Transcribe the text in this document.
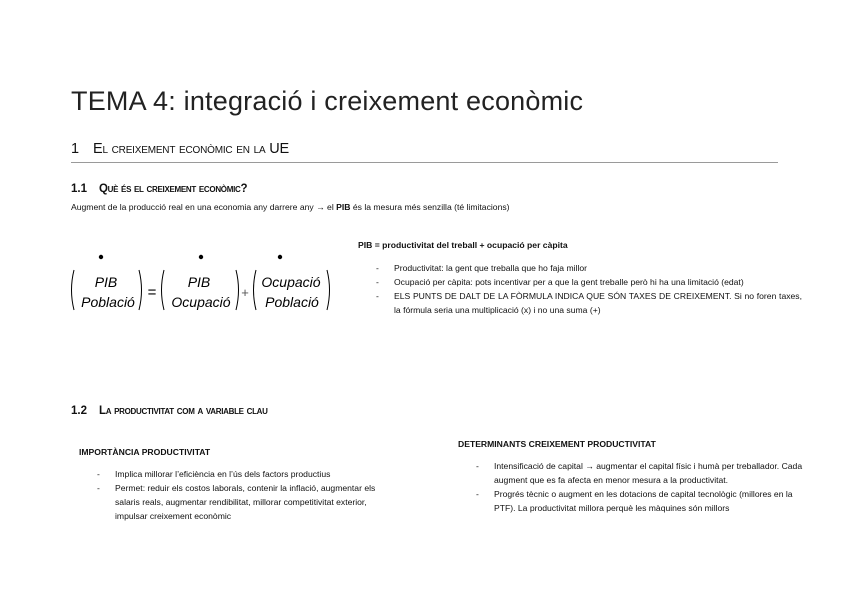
TEMA 4: integració i creixement econòmic
1 El creixement econòmic en la UE
1.1 Què és el creixement econòmic?
Augment de la producció real en una economia any darrere any → el PIB és la mesura més senzilla (té limitacions)
PIB
Població
=
PIB
Ocupació
+
Ocupació
Població
PIB = productivitat del treball + ocupació per càpita
- Productivitat: la gent que treballa que ho faja millor
- Ocupació per càpita: pots incentivar per a que la gent treballe però hi ha una limitació (edat)
- ELS PUNTS DE DALT DE LA FÒRMULA INDICA QUE SÓN TAXES DE CREIXEMENT. Si no foren taxes, la fórmula seria una multiplicació (x) i no una suma (+)
1.2 La productivitat com a variable clau
IMPORTÀNCIA PRODUCTIVITAT
- Implica millorar l’eficiència en l’ús dels factors productius
- Permet: reduir els costos laborals, contenir la inflació, augmentar els salaris reals, augmentar rendibilitat, millorar competitivitat exterior, impulsar creixement econòmic
DETERMINANTS CREIXEMENT PRODUCTIVITAT
- Intensificació de capital → augmentar el capital físic i humà per treballador. Cada augment que es fa afecta en menor mesura a la productivitat.
- Progrés tècnic o augment en les dotacions de capital tecnològic (millores en la PTF). La productivitat millora perquè les màquines són millors
